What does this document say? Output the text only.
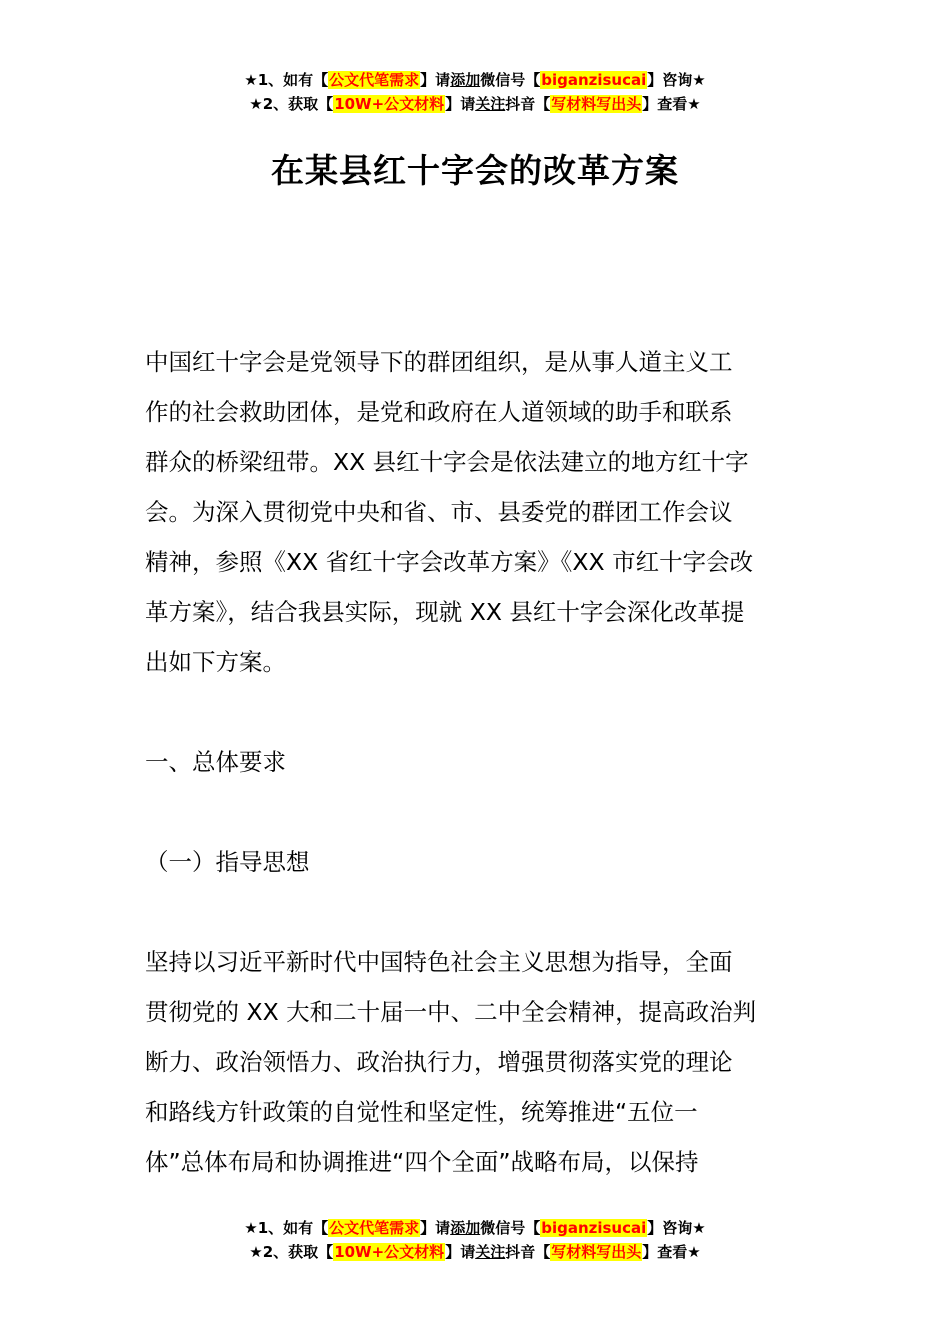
★1、如有【公文代笔需求】请添加微信号【biganzisucai】咨询★
★2、获取【10W+公文材料】请关注抖音【写材料写出头】查看★
在某县红十字会的改革方案
中国红十字会是党领导下的群团组织，是从事人道主义工
作的社会救助团体，是党和政府在人道领域的助手和联系
群众的桥梁纽带。XX 县红十字会是依法建立的地方红十字
会。为深入贯彻党中央和省、市、县委党的群团工作会议
精神，参照《XX 省红十字会改革方案》《XX 市红十字会改
革方案》，结合我县实际，现就 XX 县红十字会深化改革提
出如下方案。
一、总体要求
（一）指导思想
坚持以习近平新时代中国特色社会主义思想为指导，全面
贯彻党的 XX 大和二十届一中、二中全会精神，提高政治判
断力、政治领悟力、政治执行力，增强贯彻落实党的理论
和路线方针政策的自觉性和坚定性，统筹推进“五位一
体”总体布局和协调推进“四个全面”战略布局，以保持
★1、如有【公文代笔需求】请添加微信号【biganzisucai】咨询★
★2、获取【10W+公文材料】请关注抖音【写材料写出头】查看★
